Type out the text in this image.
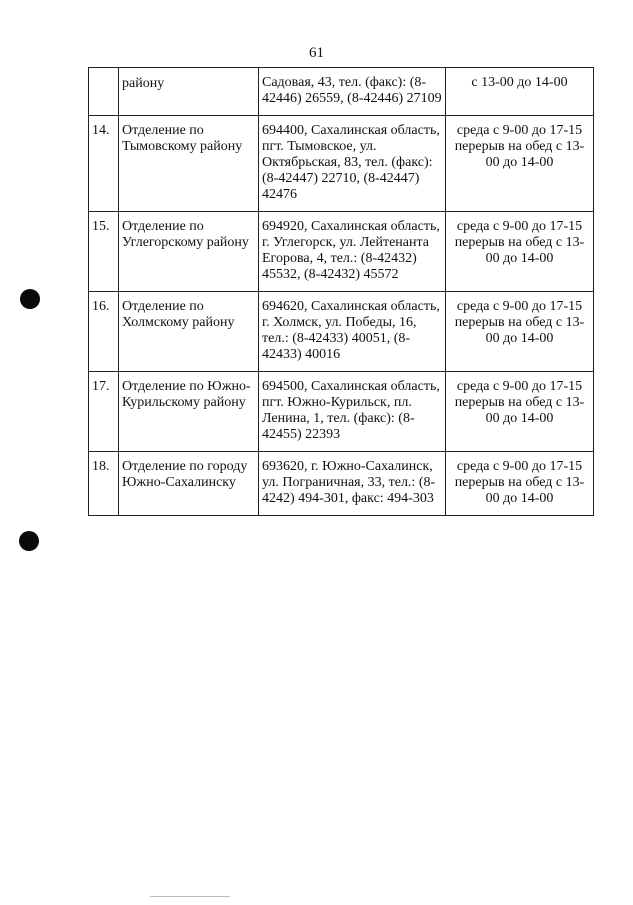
61
	району	Садовая, 43, тел. (факс): (8-42446) 26559, (8-42446) 27109	с 13-00 до 14-00
14.	Отделение по Тымовскому району	694400, Сахалинская область, пгт. Тымовское, ул. Октябрьская, 83, тел. (факс): (8-42447) 22710, (8-42447) 42476	среда с 9-00 до 17-15 перерыв на обед с 13-00 до 14-00
15.	Отделение по Углегорскому району	694920, Сахалинская область, г. Углегорск, ул. Лейтенанта Егорова, 4, тел.: (8-42432) 45532, (8-42432) 45572	среда с 9-00 до 17-15 перерыв на обед с 13-00 до 14-00
16.	Отделение по Холмскому району	694620, Сахалинская область, г. Холмск, ул. Победы, 16, тел.: (8-42433) 40051, (8-42433) 40016	среда с 9-00 до 17-15 перерыв на обед с 13-00 до 14-00
17.	Отделение по Южно-Курильскому району	694500, Сахалинская область, пгт. Южно-Курильск, пл. Ленина, 1, тел. (факс): (8-42455) 22393	среда с 9-00 до 17-15 перерыв на обед с 13-00 до 14-00
18.	Отделение по городу Южно-Сахалинску	693620, г. Южно-Сахалинск, ул. Пограничная, 33, тел.: (8-4242) 494-301, факс: 494-303	среда с 9-00 до 17-15 перерыв на обед с 13-00 до 14-00
